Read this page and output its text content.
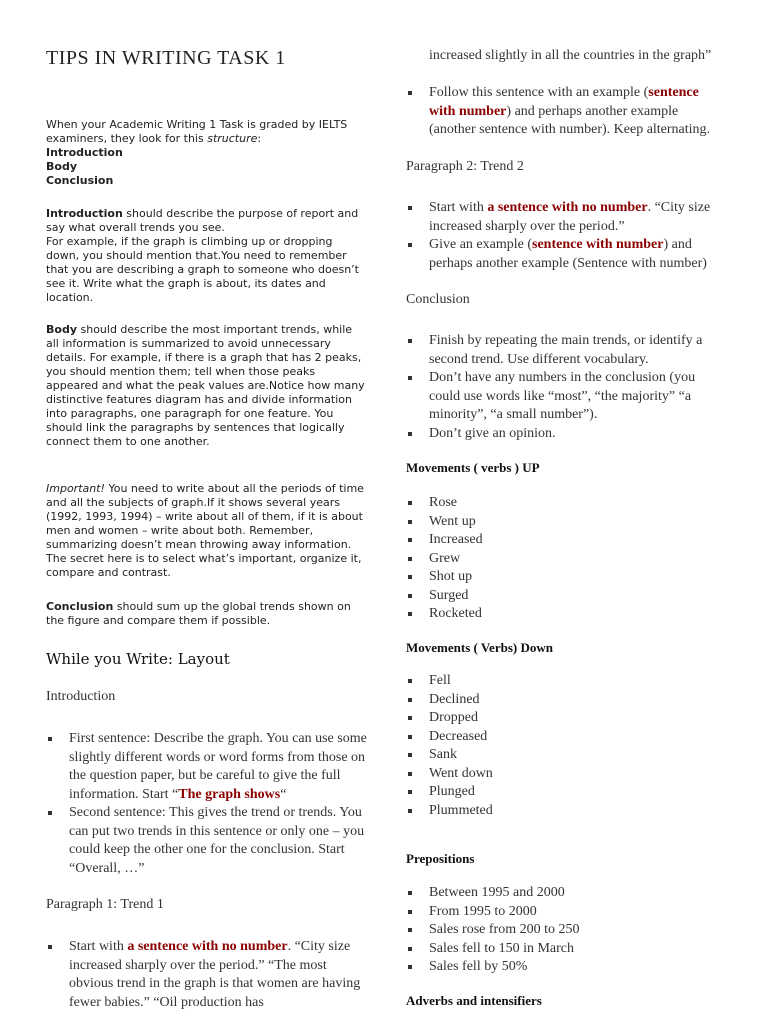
TIPS IN WRITING TASK 1
When your Academic Writing 1 Task is graded by IELTS examiners, they look for this structure:
Introduction
Body
Conclusion
Introduction should describe the purpose of report and say what overall trends you see.
For example, if the graph is climbing up or dropping down, you should mention that.You need to remember that you are describing a graph to someone who doesn’t see it. Write what the graph is about, its dates and location.
Body should describe the most important trends, while all information is summarized to avoid unnecessary details. For example, if there is a graph that has 2 peaks, you should mention them; tell when those peaks appeared and what the peak values are.Notice how many distinctive features diagram has and divide information into paragraphs, one paragraph for one feature. You should link the paragraphs by sentences that logically connect them to one another.
Important! You need to write about all the periods of time and all the subjects of graph.If it shows several years (1992, 1993, 1994) – write about all of them, if it is about men and women – write about both. Remember, summarizing doesn’t mean throwing away information. The secret here is to select what’s important, organize it, compare and contrast.
Conclusion should sum up the global trends shown on the figure and compare them if possible.
While you Write: Layout
Introduction
First sentence: Describe the graph. You can use some slightly different words or word forms from those on the question paper, but be careful to give the full information. Start “The graph shows“
Second sentence: This gives the trend or trends. You can put two trends in this sentence or only one – you could keep the other one for the conclusion. Start “Overall, …”
Paragraph 1: Trend 1
Start with a sentence with no number. “City size increased sharply over the period.” “The most obvious trend in the graph is that women are having fewer babies.” “Oil production has
increased slightly in all the countries in the graph”
Follow this sentence with an example (sentence with number) and perhaps another example (another sentence with number). Keep alternating.
Paragraph 2: Trend 2
Start with a sentence with no number. “City size increased sharply over the period.”
Give an example (sentence with number) and perhaps another example (Sentence with number)
Conclusion
Finish by repeating the main trends, or identify a second trend. Use different vocabulary.
Don’t have any numbers in the conclusion (you could use words like “most”, “the majority” “a minority”, “a small number”).
Don’t give an opinion.
Movements ( verbs ) UP
Rose
Went up
Increased
Grew
Shot up
Surged
Rocketed
Movements ( Verbs) Down
Fell
Declined
Dropped
Decreased
Sank
Went down
Plunged
Plummeted
Prepositions
Between 1995 and 2000
From 1995 to 2000
Sales rose from 200 to 250
Sales fell to 150 in March
Sales fell by 50%
Adverbs and intensifiers
